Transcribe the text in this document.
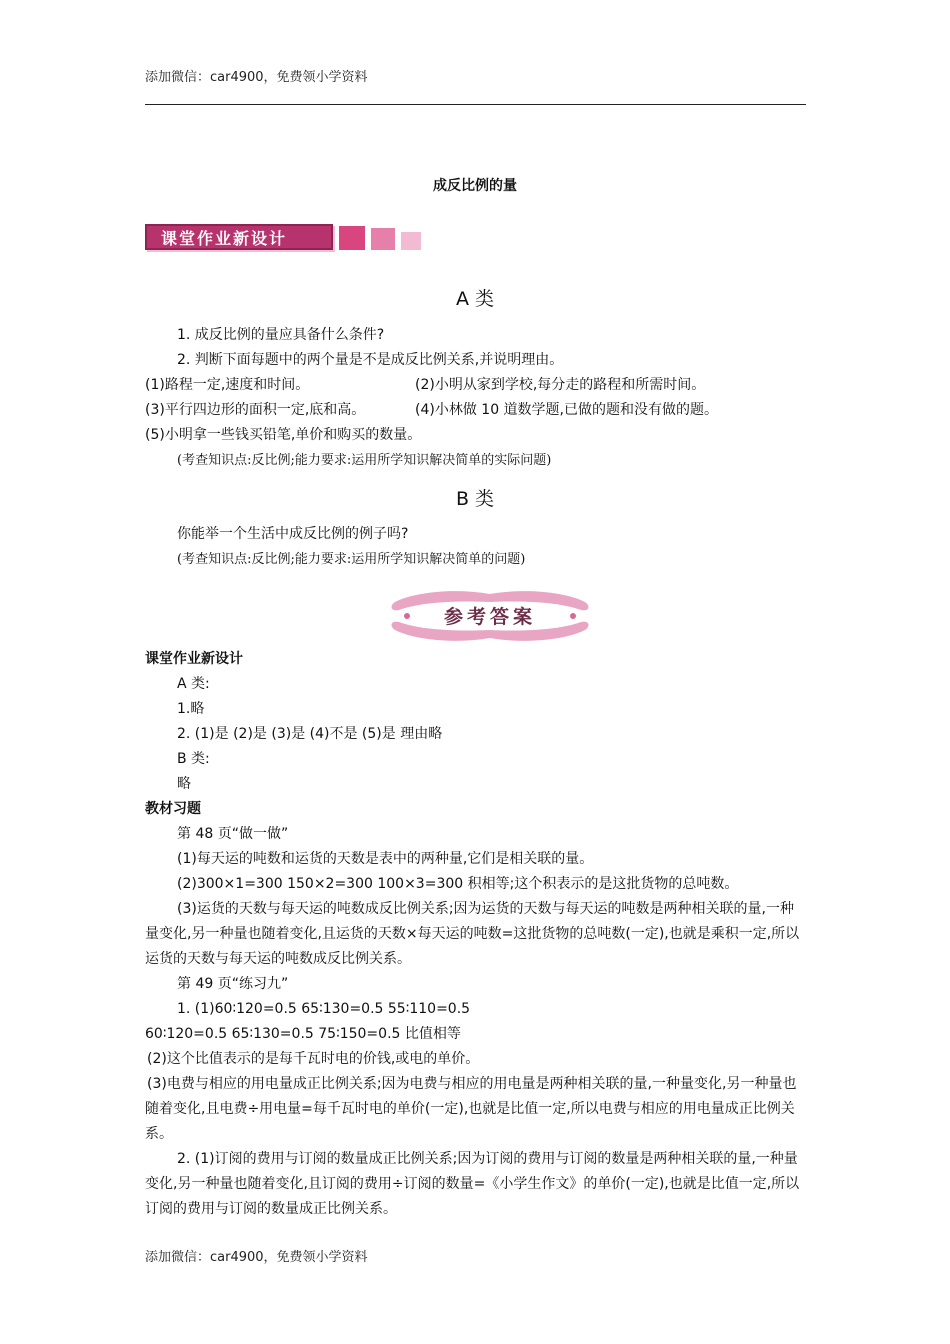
添加微信：car4900，免费领小学资料
成反比例的量
课堂作业新设计
A 类
1. 成反比例的量应具备什么条件?
2. 判断下面每题中的两个量是不是成反比例关系,并说明理由。
(1)路程一定,速度和时间。	(2)小明从家到学校,每分走的路程和所需时间。
(3)平行四边形的面积一定,底和高。	(4)小林做 10 道数学题,已做的题和没有做的题。
(5)小明拿一些钱买铅笔,单价和购买的数量。
(考查知识点:反比例;能力要求:运用所学知识解决简单的实际问题)
B 类
你能举一个生活中成反比例的例子吗?
(考查知识点:反比例;能力要求:运用所学知识解决简单的问题)
参考答案
课堂作业新设计
A 类:
1.略
2. (1)是 (2)是 (3)是 (4)不是 (5)是 理由略
B 类:
略
教材习题
第 48 页“做一做”
(1)每天运的吨数和运货的天数是表中的两种量,它们是相关联的量。
(2)300×1=300 150×2=300 100×3=300 积相等;这个积表示的是这批货物的总吨数。
(3)运货的天数与每天运的吨数成反比例关系;因为运货的天数与每天运的吨数是两种相关联的量,一种量变化,另一种量也随着变化,且运货的天数×每天运的吨数=这批货物的总吨数(一定),也就是乘积一定,所以运货的天数与每天运的吨数成反比例关系。
第 49 页“练习九”
1. (1)60∶120=0.5 65∶130=0.5 55∶110=0.5
60∶120=0.5 65∶130=0.5 75∶150=0.5 比值相等
(2)这个比值表示的是每千瓦时电的价钱,或电的单价。
(3)电费与相应的用电量成正比例关系;因为电费与相应的用电量是两种相关联的量,一种量变化,另一种量也随着变化,且电费÷用电量=每千瓦时电的单价(一定),也就是比值一定,所以电费与相应的用电量成正比例关系。
2. (1)订阅的费用与订阅的数量成正比例关系;因为订阅的费用与订阅的数量是两种相关联的量,一种量变化,另一种量也随着变化,且订阅的费用÷订阅的数量=《小学生作文》的单价(一定),也就是比值一定,所以订阅的费用与订阅的数量成正比例关系。
添加微信：car4900，免费领小学资料
